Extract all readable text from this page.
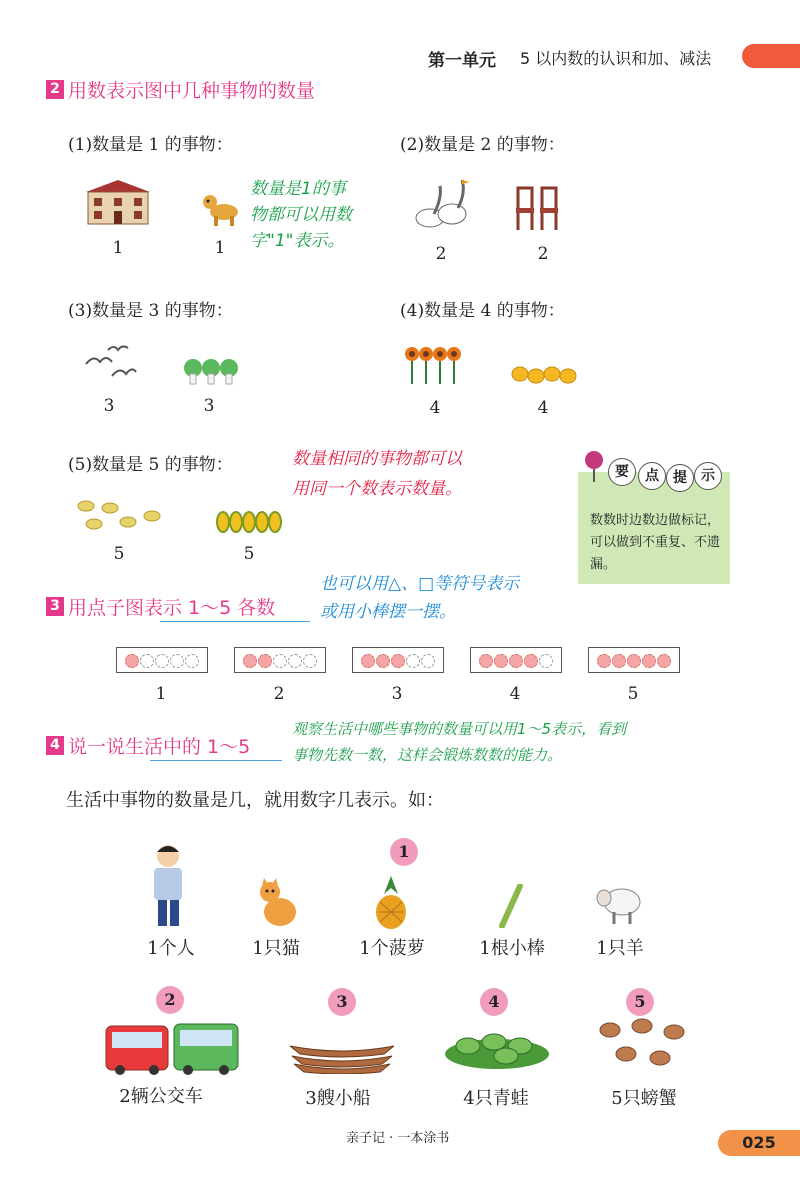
第一单元 5 以内数的认识和加、减法
2 用数表示图中几种事物的数量
(1)数量是 1 的事物：
1	1
数量是1的事
物都可以用数
字"1"表示。
(2)数量是 2 的事物：
2	2
(3)数量是 3 的事物：
3	3
(4)数量是 4 的事物：
4	4
(5)数量是 5 的事物：	数量相同的事物都可以
用同一个数表示数量。
5	5
要	点	提	示
数数时边数边做标记，可以做到不重复、不遗漏。
3 用点子图表示 1～5 各数
也可以用△、□等符号表示
或用小棒摆一摆。
1	2	3	4	5
4 说一说生活中的 1～5
观察生活中哪些事物的数量可以用1～5表示，看到
事物先数一数，这样会锻炼数数的能力。
生活中事物的数量是几，就用数字几表示。如：
1
1个人	1只猫	1个菠萝	1根小棒	1只羊
2	3	4	5
2辆公交车	3艘小船	4只青蛙	5只螃蟹
亲子记 · 一本涂书	025
